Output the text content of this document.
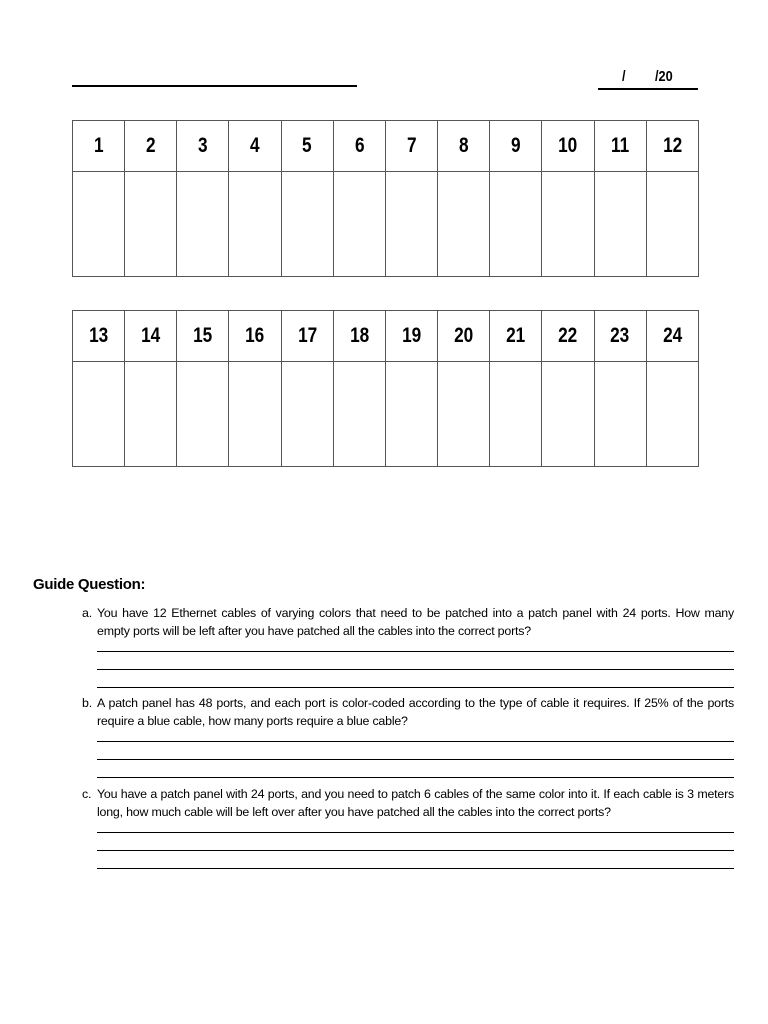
/ /20
1	2	3	4	5	6	7	8	9	10	11	12

13	14	15	16	17	18	19	20	21	22	23	24

Guide Question:
a. You have 12 Ethernet cables of varying colors that need to be patched into a patch panel with 24 ports. How many empty ports will be left after you have patched all the cables into the correct ports?
b. A patch panel has 48 ports, and each port is color-coded according to the type of cable it requires. If 25% of the ports require a blue cable, how many ports require a blue cable?
c. You have a patch panel with 24 ports, and you need to patch 6 cables of the same color into it. If each cable is 3 meters long, how much cable will be left over after you have patched all the cables into the correct ports?
